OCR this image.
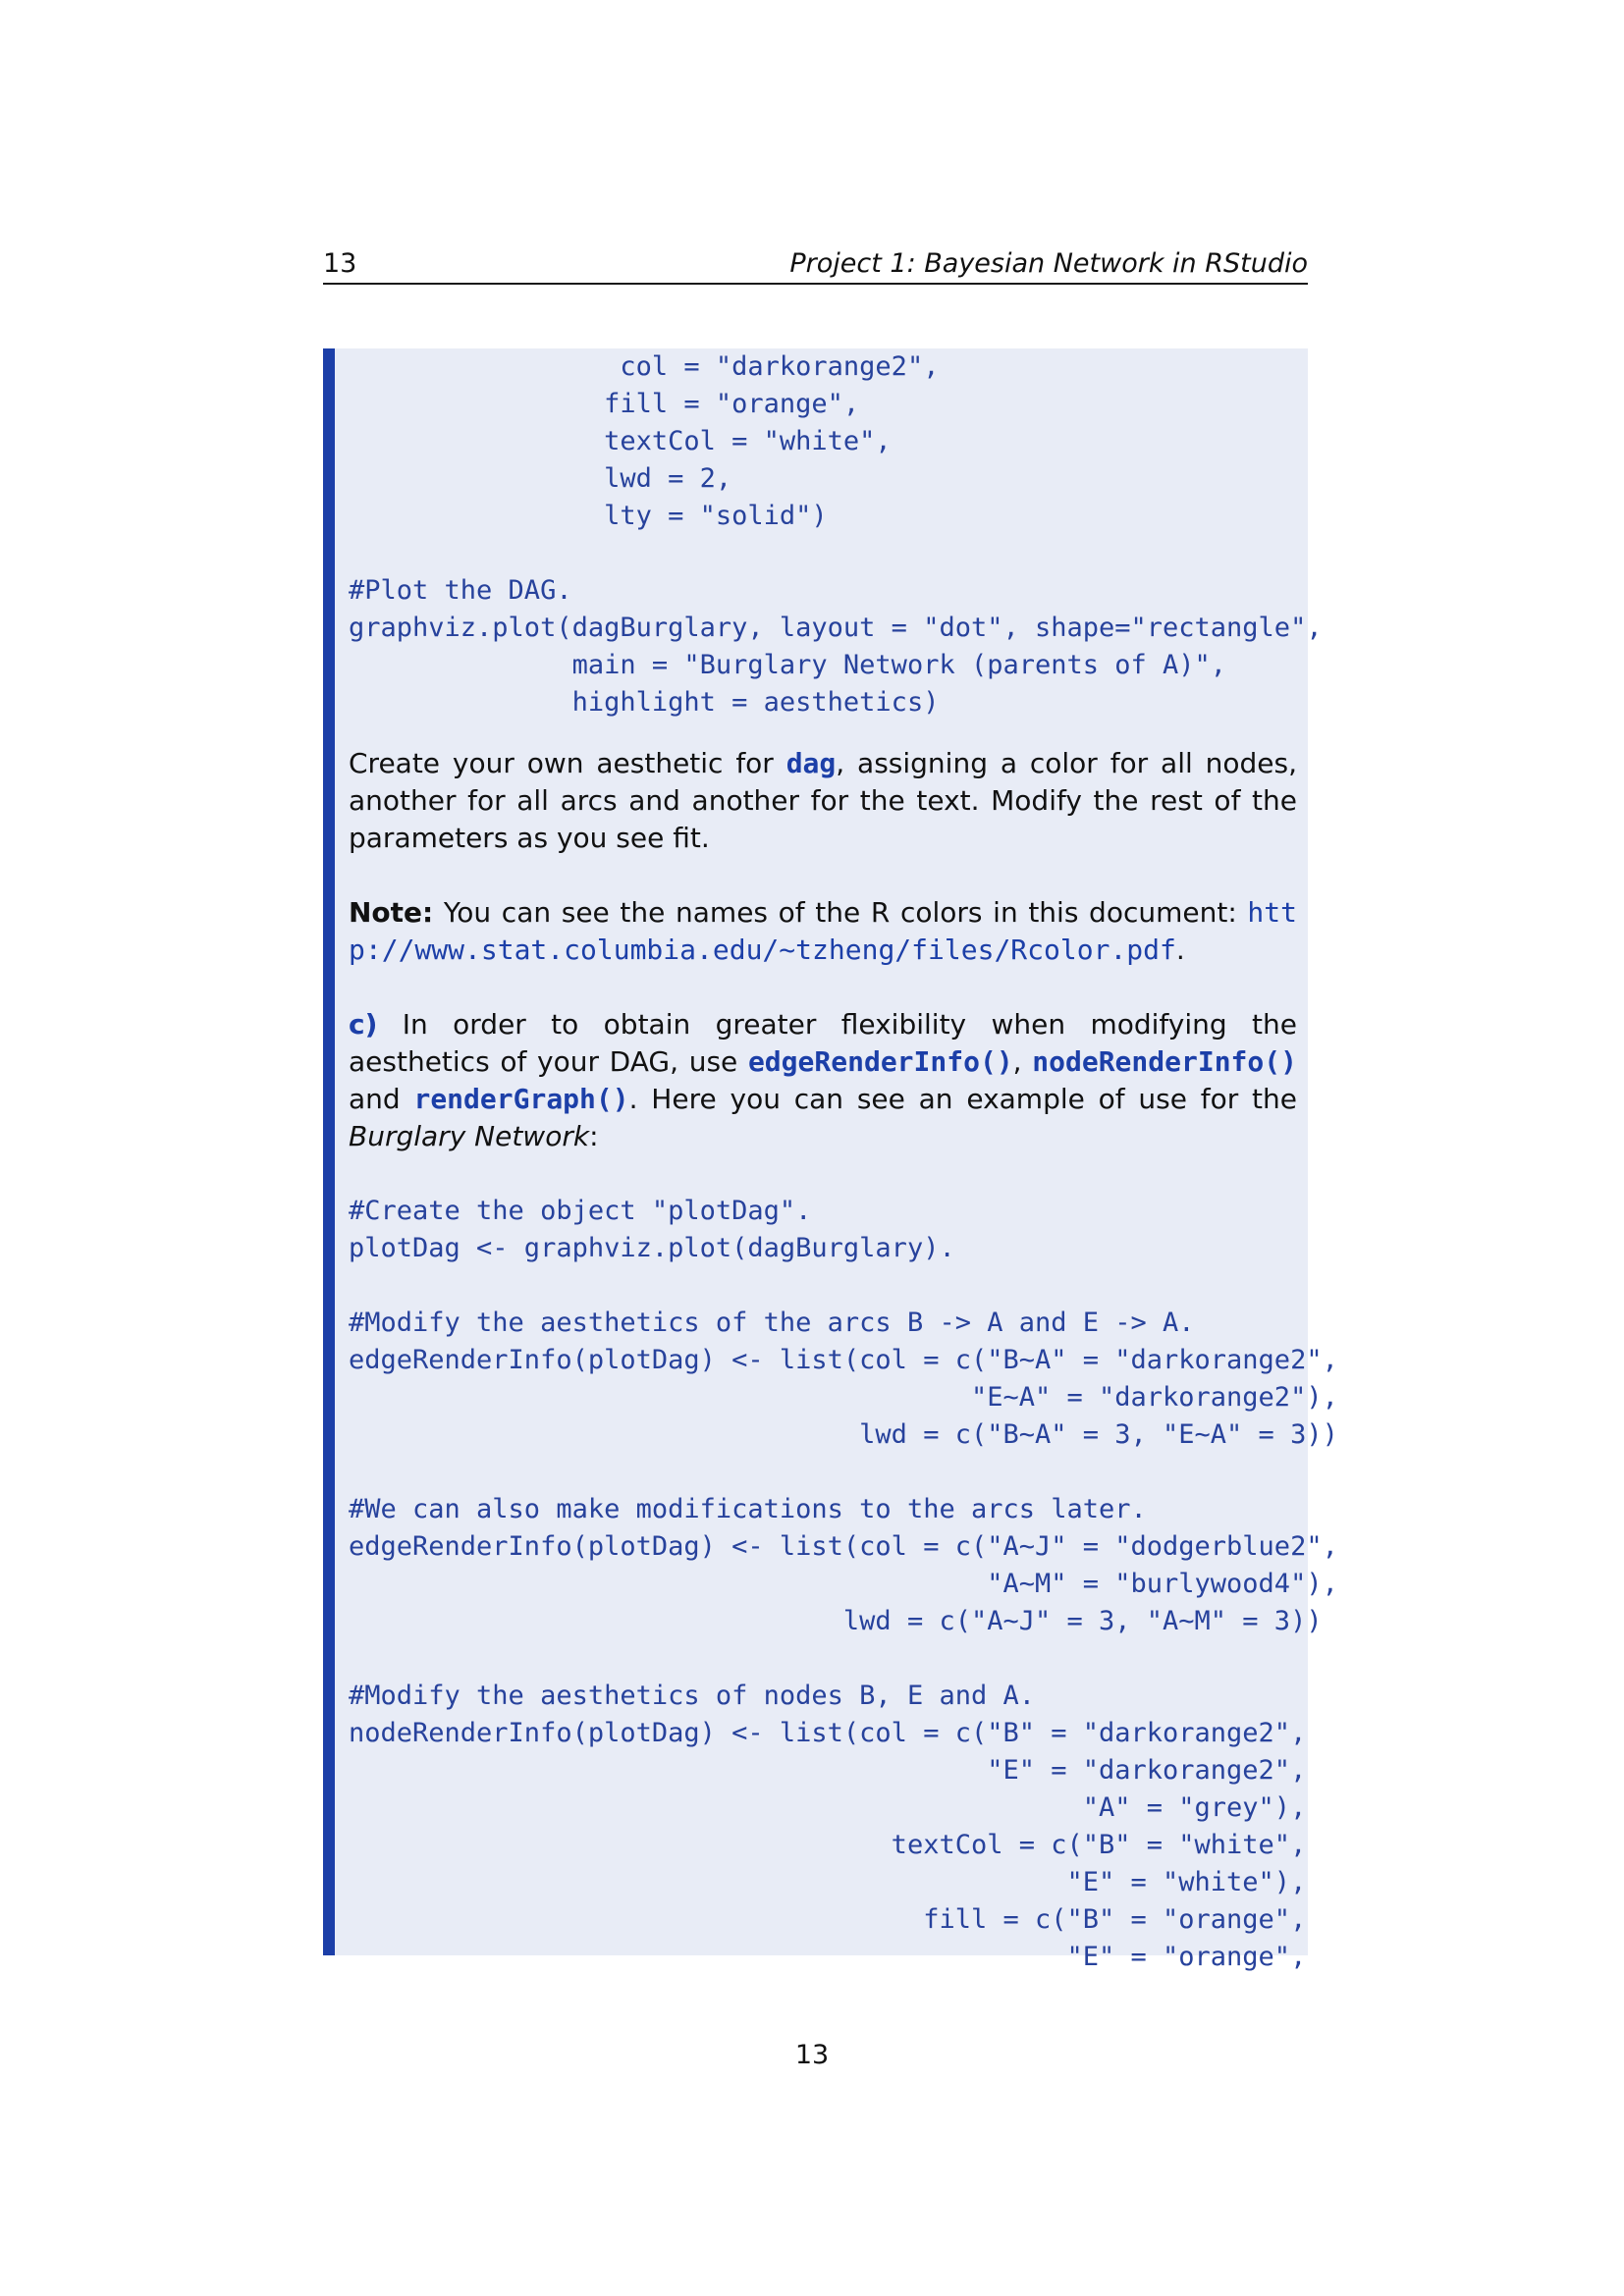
13	Project 1: Bayesian Network in RStudio
col = "darkorange2",
fill = "orange",
textCol = "white",
lwd = 2,
lty = "solid")
#Plot the DAG.
graphviz.plot(dagBurglary, layout = "dot", shape="rectangle",
main = "Burglary Network (parents of A)",
highlight = aesthetics)

Create your own aesthetic for dag, assigning a color for all nodes, another for all arcs and another for the text. Modify the rest of the parameters as you see fit.

Note: You can see the names of the R colors in this document: http://www.stat.columbia.edu/~tzheng/files/Rcolor.pdf.

c) In order to obtain greater flexibility when modifying the aesthetics of your DAG, use edgeRenderInfo(), nodeRenderInfo() and renderGraph(). Here you can see an example of use for the Burglary Network:

#Create the object "plotDag".
plotDag <- graphviz.plot(dagBurglary).
#Modify the aesthetics of the arcs B -> A and E -> A.
edgeRenderInfo(plotDag) <- list(col = c("B~A" = "darkorange2",
"E~A" = "darkorange2"),
lwd = c("B~A" = 3, "E~A" = 3))
#We can also make modifications to the arcs later.
edgeRenderInfo(plotDag) <- list(col = c("A~J" = "dodgerblue2",
"A~M" = "burlywood4"),
lwd = c("A~J" = 3, "A~M" = 3))
#Modify the aesthetics of nodes B, E and A.
nodeRenderInfo(plotDag) <- list(col = c("B" = "darkorange2",
"E" = "darkorange2",
"A" = "grey"),
textCol = c("B" = "white",
"E" = "white"),
fill = c("B" = "orange",
"E" = "orange",
13
